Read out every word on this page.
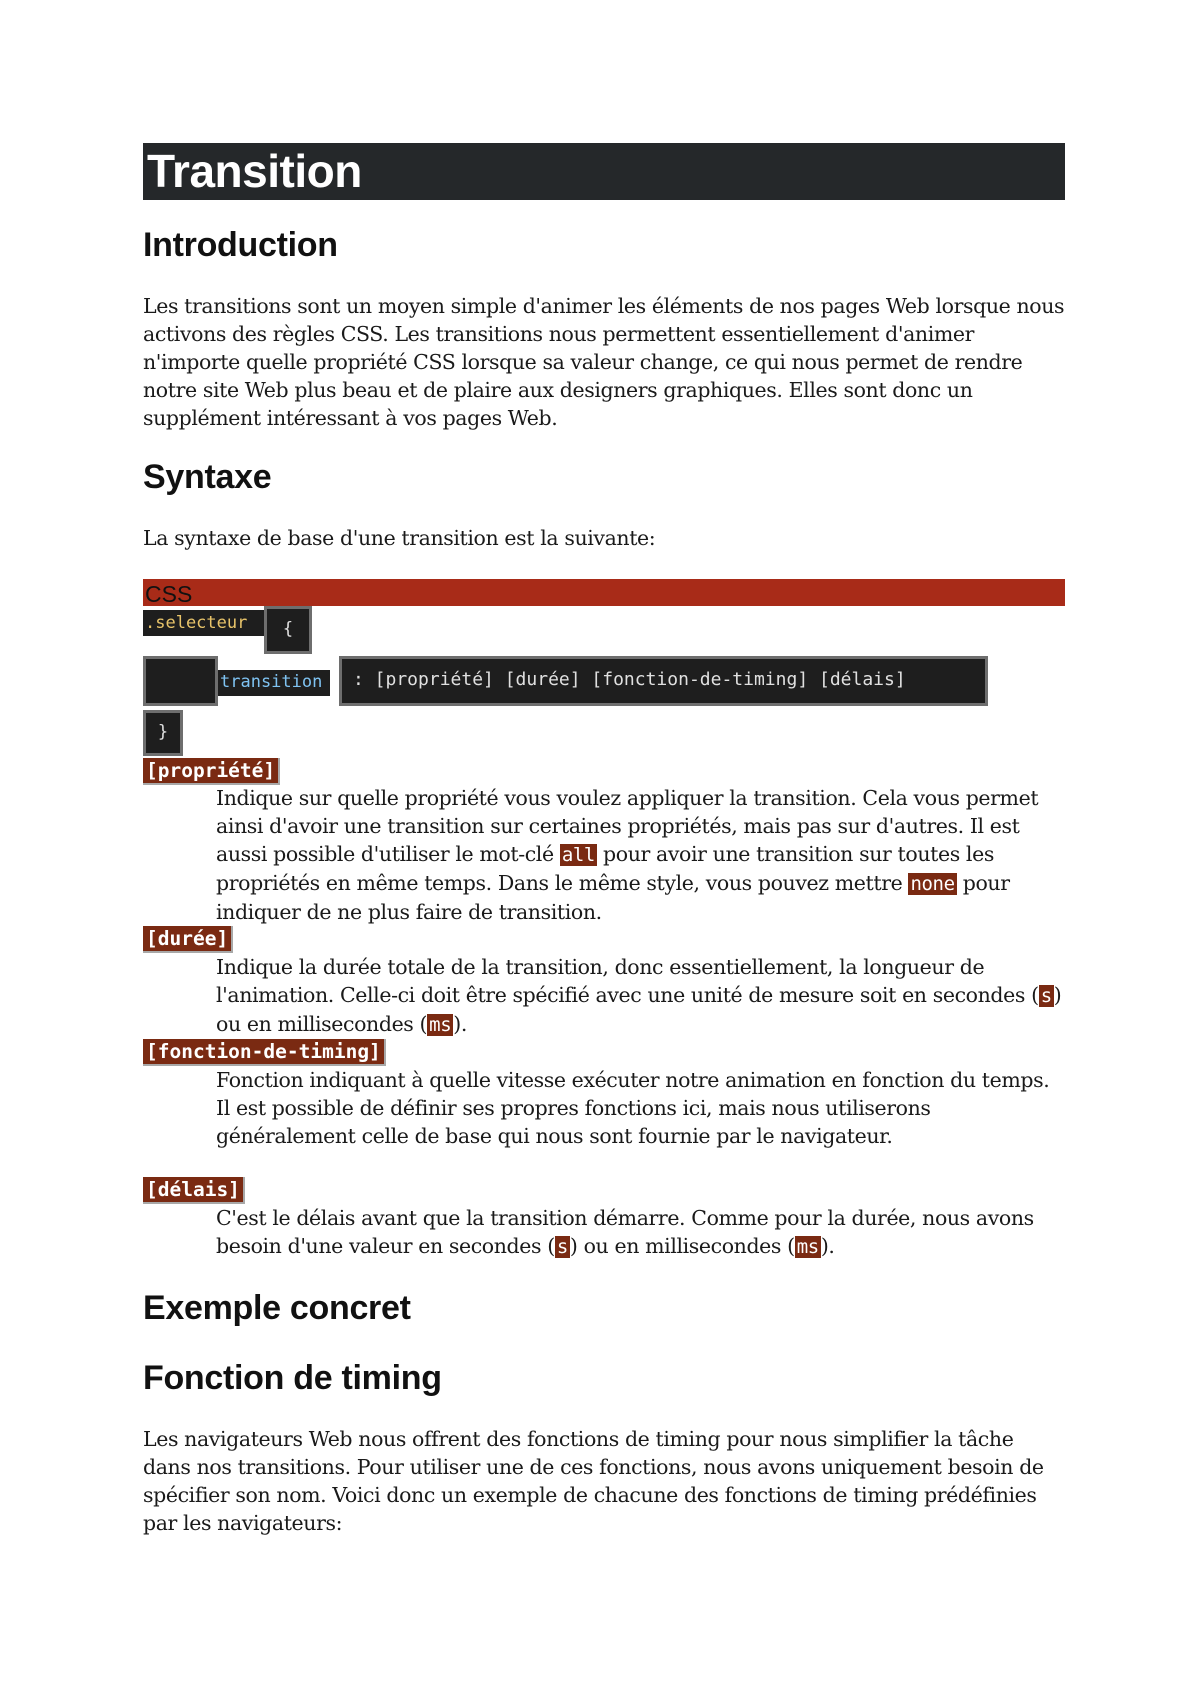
Transition
Introduction

Les transitions sont un moyen simple d'animer les éléments de nos pages Web lorsque nous activons des règles CSS. Les transitions nous permettent essentiellement d'animer n'importe quelle propriété CSS lorsque sa valeur change, ce qui nous permet de rendre notre site Web plus beau et de plaire aux designers graphiques. Elles sont donc un supplément intéressant à vos pages Web.

Syntaxe

La syntaxe de base d'une transition est la suivante:

CSS
.selecteur	{
transition	: [propriété] [durée] [fonction-de-timing] [délais]
}
[propriété]
Indique sur quelle propriété vous voulez appliquer la transition. Cela vous permet ainsi d'avoir une transition sur certaines propriétés, mais pas sur d'autres. Il est aussi possible d'utiliser le mot-clé all pour avoir une transition sur toutes les propriétés en même temps. Dans le même style, vous pouvez mettre none pour indiquer de ne plus faire de transition.
[durée]
Indique la durée totale de la transition, donc essentiellement, la longueur de l'animation. Celle-ci doit être spécifié avec une unité de mesure soit en secondes ( s) ou en millisecondes ( ms).
[fonction-de-timing]
Fonction indiquant à quelle vitesse exécuter notre animation en fonction du temps. Il est possible de définir ses propres fonctions ici, mais nous utiliserons généralement celle de base qui nous sont fournie par le navigateur.
[délais]
C'est le délais avant que la transition démarre. Comme pour la durée, nous avons besoin d'une valeur en secondes ( s) ou en millisecondes ( ms).
Exemple concret
Fonction de timing

Les navigateurs Web nous offrent des fonctions de timing pour nous simplifier la tâche dans nos transitions. Pour utiliser une de ces fonctions, nous avons uniquement besoin de spécifier son nom. Voici donc un exemple de chacune des fonctions de timing prédéfinies par les navigateurs:
